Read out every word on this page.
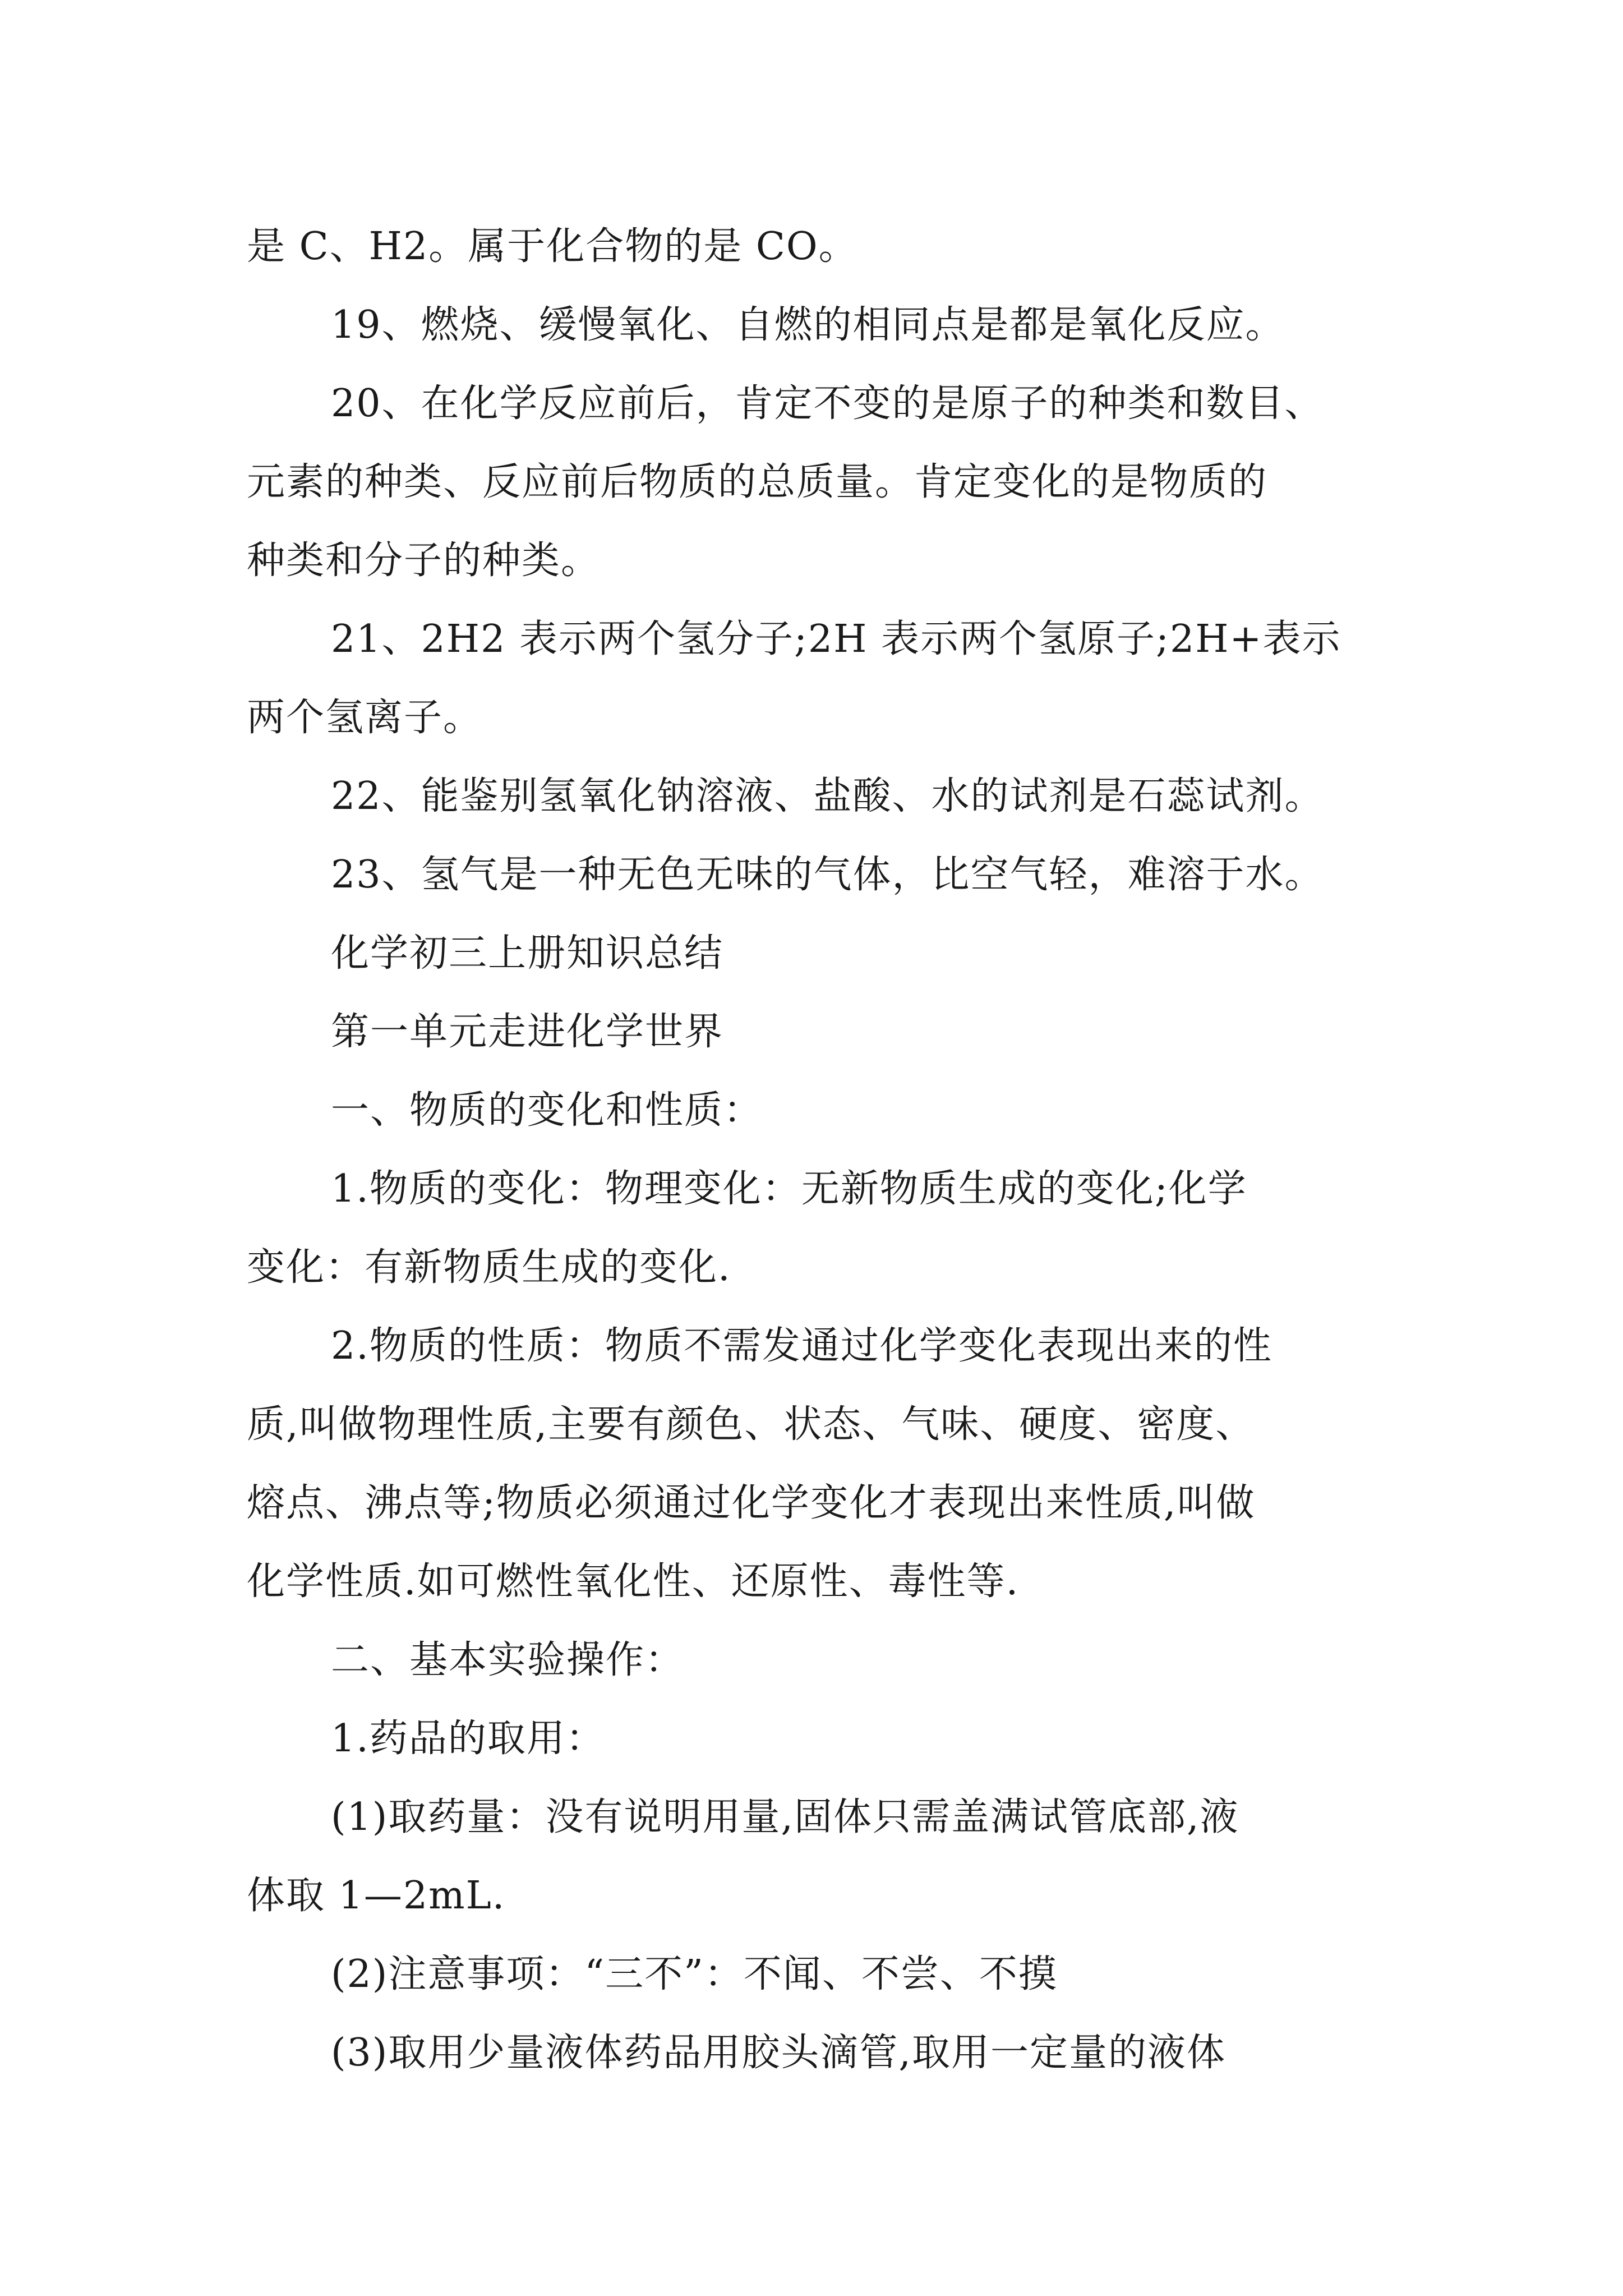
是 C、H2。属于化合物的是 CO。

19、燃烧、缓慢氧化、自燃的相同点是都是氧化反应。

20、在化学反应前后，肯定不变的是原子的种类和数目、
元素的种类、反应前后物质的总质量。肯定变化的是物质的
种类和分子的种类。

21、2H2 表示两个氢分子;2H 表示两个氢原子;2H+表示
两个氢离子。

22、能鉴别氢氧化钠溶液、盐酸、水的试剂是石蕊试剂。

23、氢气是一种无色无味的气体，比空气轻，难溶于水。

化学初三上册知识总结

第一单元走进化学世界

一、物质的变化和性质：

1.物质的变化：物理变化：无新物质生成的变化;化学
变化：有新物质生成的变化.

2.物质的性质：物质不需发通过化学变化表现出来的性
质,叫做物理性质,主要有颜色、状态、气味、硬度、密度、
熔点、沸点等;物质必须通过化学变化才表现出来性质,叫做
化学性质.如可燃性氧化性、还原性、毒性等.

二、基本实验操作：

1.药品的取用：

(1)取药量：没有说明用量,固体只需盖满试管底部,液
体取 1—2mL.

(2)注意事项：“三不”：不闻、不尝、不摸

(3)取用少量液体药品用胶头滴管,取用一定量的液体
